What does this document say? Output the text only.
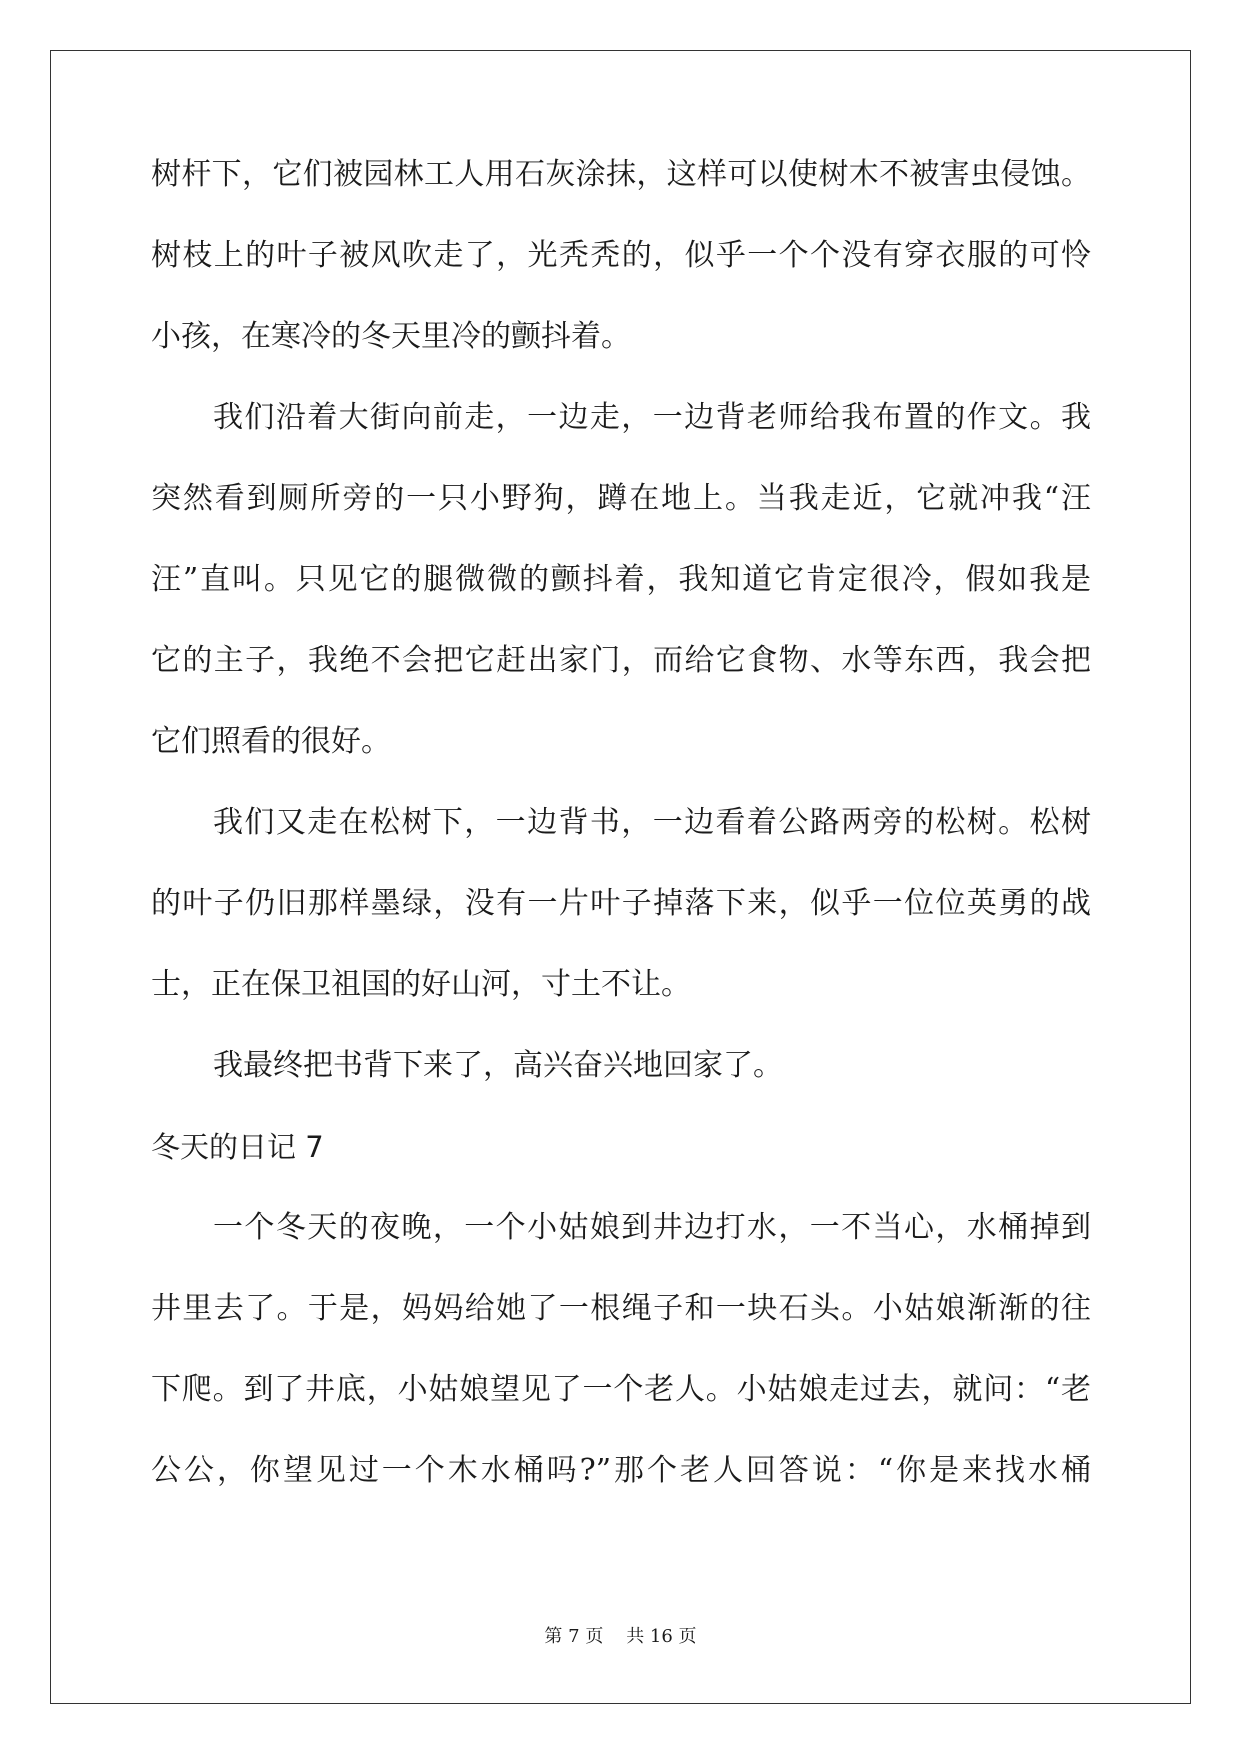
树杆下，它们被园林工人用石灰涂抹，这样可以使树木不被害虫侵蚀。
树枝上的叶子被风吹走了，光秃秃的，似乎一个个没有穿衣服的可怜
小孩，在寒冷的冬天里冷的颤抖着。
我们沿着大街向前走，一边走，一边背老师给我布置的作文。我
突然看到厕所旁的一只小野狗，蹲在地上。当我走近，它就冲我“汪
汪”直叫。只见它的腿微微的颤抖着，我知道它肯定很冷，假如我是
它的主子，我绝不会把它赶出家门，而给它食物、水等东西，我会把
它们照看的很好。
我们又走在松树下，一边背书，一边看着公路两旁的松树。松树
的叶子仍旧那样墨绿，没有一片叶子掉落下来，似乎一位位英勇的战
士，正在保卫祖国的好山河，寸土不让。
我最终把书背下来了，高兴奋兴地回家了。
冬天的日记 7
一个冬天的夜晚，一个小姑娘到井边打水，一不当心，水桶掉到
井里去了。于是，妈妈给她了一根绳子和一块石头。小姑娘渐渐的往
下爬。到了井底，小姑娘望见了一个老人。小姑娘走过去，就问：“老
公公，你望见过一个木水桶吗?”那个老人回答说：“你是来找水桶
第 7 页    共 16 页
